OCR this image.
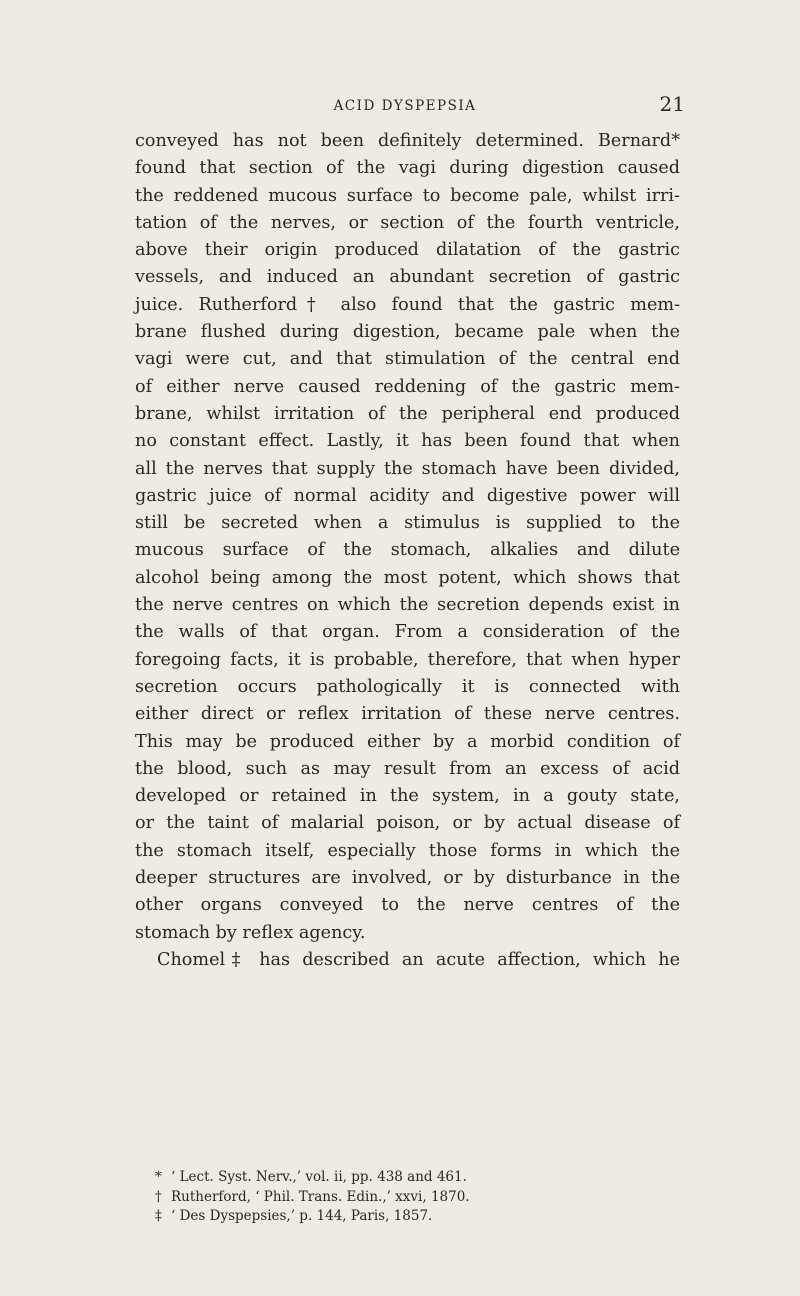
ACID DYSPEPSIA	21
conveyed has not been definitely determined. Bernard*
found that section of the vagi during digestion caused
the reddened mucous surface to become pale, whilst irri-
tation of the nerves, or section of the fourth ventricle,
above their origin produced dilatation of the gastric
vessels, and induced an abundant secretion of gastric
juice. Rutherford† also found that the gastric mem-
brane flushed during digestion, became pale when the
vagi were cut, and that stimulation of the central end
of either nerve caused reddening of the gastric mem-
brane, whilst irritation of the peripheral end produced
no constant effect. Lastly, it has been found that when
all the nerves that supply the stomach have been divided,
gastric juice of normal acidity and digestive power will
still be secreted when a stimulus is supplied to the
mucous surface of the stomach, alkalies and dilute
alcohol being among the most potent, which shows that
the nerve centres on which the secretion depends exist in
the walls of that organ. From a consideration of the
foregoing facts, it is probable, therefore, that when hyper
secretion occurs pathologically it is connected with
either direct or reflex irritation of these nerve centres.
This may be produced either by a morbid condition of
the blood, such as may result from an excess of acid
developed or retained in the system, in a gouty state,
or the taint of malarial poison, or by actual disease of
the stomach itself, especially those forms in which the
deeper structures are involved, or by disturbance in the
other organs conveyed to the nerve centres of the
stomach by reflex agency.
Chomel‡ has described an acute affection, which he
* ‘ Lect. Syst. Nerv.,’ vol. ii, pp. 438 and 461.
† Rutherford, ‘ Phil. Trans. Edin.,’ xxvi, 1870.
‡ ‘ Des Dyspepsies,’ p. 144, Paris, 1857.
